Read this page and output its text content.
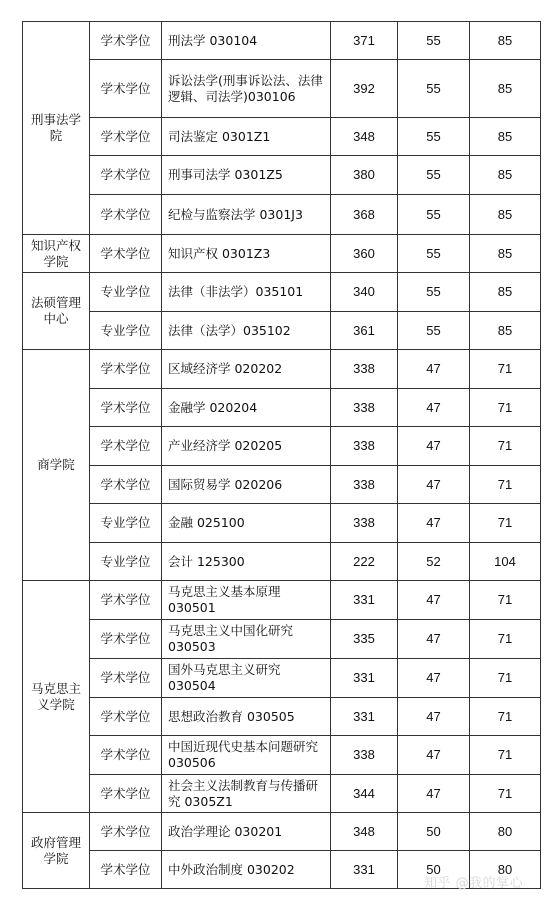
刑事法学院	学术学位	刑法学 030104	371	55	85
	学术学位	诉讼法学(刑事诉讼法、法律逻辑、司法学)030106	392	55	85
	学术学位	司法鉴定 0301Z1	348	55	85
	学术学位	刑事司法学 0301Z5	380	55	85
	学术学位	纪检与监察法学 0301J3	368	55	85
知识产权学院	学术学位	知识产权 0301Z3	360	55	85
法硕管理中心	专业学位	法律（非法学）035101	340	55	85
	专业学位	法律（法学）035102	361	55	85
商学院	学术学位	区域经济学 020202	338	47	71
	学术学位	金融学 020204	338	47	71
	学术学位	产业经济学 020205	338	47	71
	学术学位	国际贸易学 020206	338	47	71
	专业学位	金融 025100	338	47	71
	专业学位	会计 125300	222	52	104
马克思主义学院	学术学位	马克思主义基本原理 030501	331	47	71
	学术学位	马克思主义中国化研究 030503	335	47	71
	学术学位	国外马克思主义研究 030504	331	47	71
	学术学位	思想政治教育 030505	331	47	71
	学术学位	中国近现代史基本问题研究 030506	338	47	71
	学术学位	社会主义法制教育与传播研究 0305Z1	344	47	71
政府管理学院	学术学位	政治学理论 030201	348	50	80
	学术学位	中外政治制度 030202	331	50	80
知乎 @我的掌心
